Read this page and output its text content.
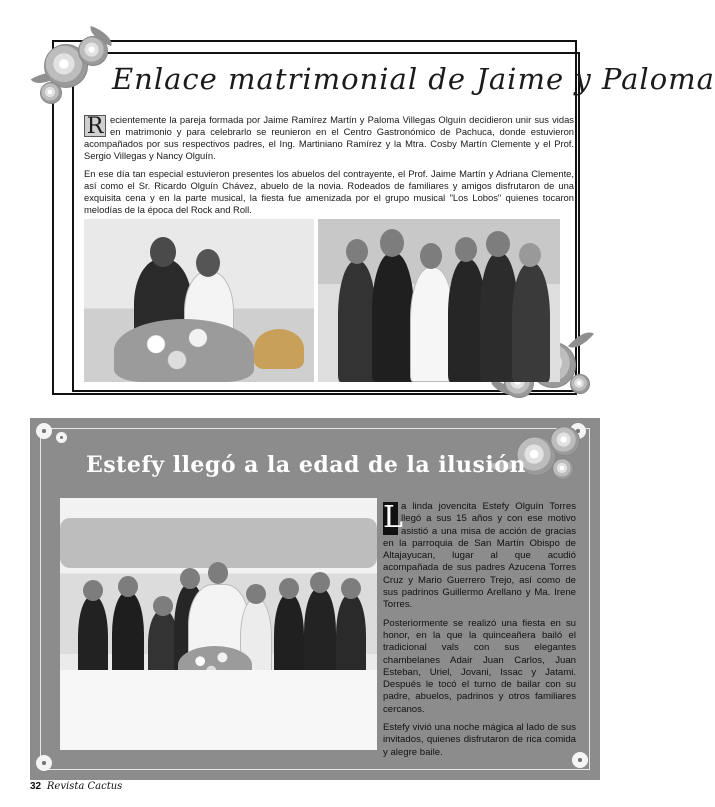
Enlace matrimonial de Jaime y Paloma

R ecientemente la pareja formada por Jaime Ramírez Martín y Paloma Villegas Olguín decidieron unir sus vidas en matrimonio y para celebrarlo se reunieron en el Centro Gastronómico de Pachuca, donde estuvieron acompañados por sus respectivos padres, el Ing. Martiniano Ramírez y la Mtra. Cosby Martín Clemente y el Prof. Sergio Villegas y Nancy Olguín.

En ese día tan especial estuvieron presentes los abuelos del contrayente, el Prof. Jaime Martín y Adriana Clemente, así como el Sr. Ricardo Olguín Chávez, abuelo de la novia. Rodeados de familiares y amigos disfrutaron de una exquisita cena y en la parte musical, la fiesta fue amenizada por el grupo musical "Los Lobos" quienes tocaron melodías de la época del Rock and Roll.

Estefy llegó a la edad de la ilusión

L
a linda jovencita Estefy Olguín Torres llegó a sus 15 años y con ese motivo asistió a una misa de acción de gracias en la parroquia de San Martín Obispo de Altajayucan, lugar al que acudió acompañada de sus padres Azucena Torres Cruz y Mario Guerrero Trejo, así como de sus padrinos Guillermo Arellano y Ma. Irene Torres.

Posteriormente se realizó una fiesta en su honor, en la que la quinceañera bailó el tradicional vals con sus elegantes chambelanes Adair Juan Carlos, Juan Esteban, Uriel, Jovani, Issac y Jatami. Después le tocó el turno de bailar con su padre, abuelos, padrinos y otros familiares cercanos.

Estefy vivió una noche mágica al lado de sus invitados, quienes disfrutaron de rica comida y alegre baile.

32 Revista Cactus
